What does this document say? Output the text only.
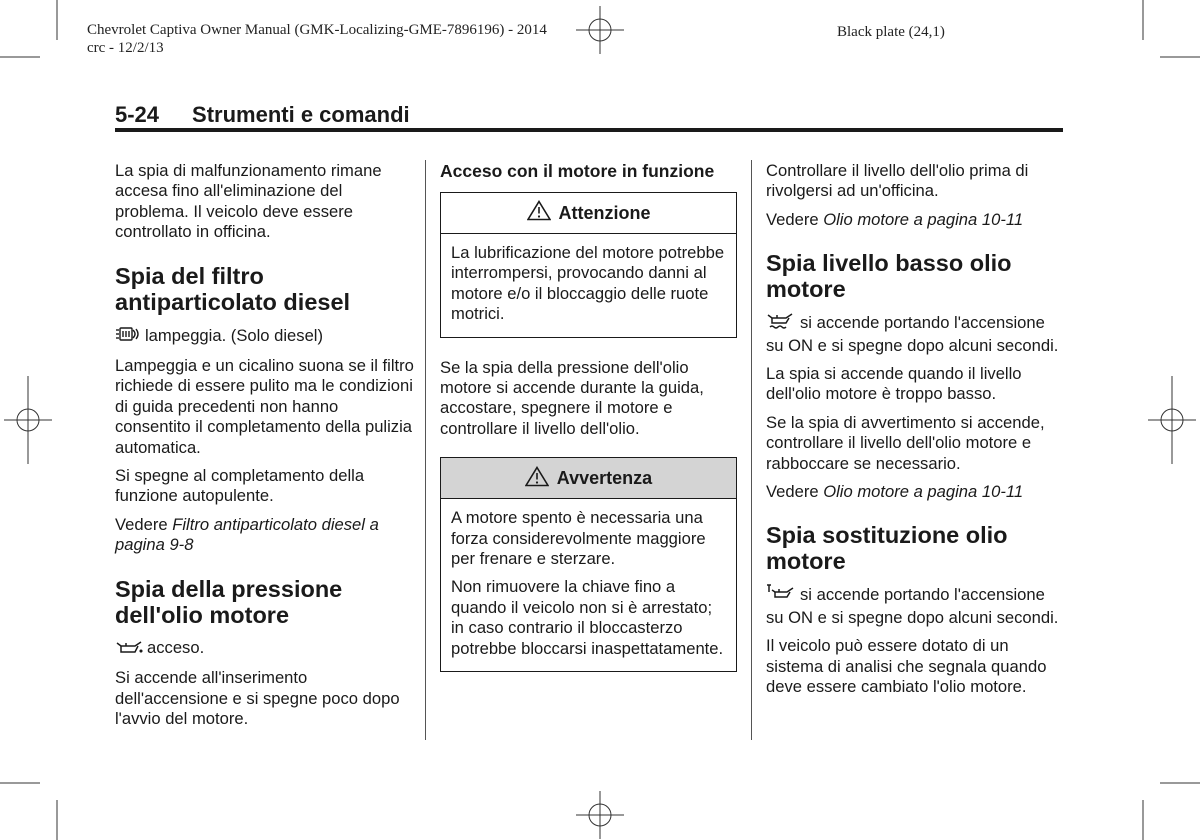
Chevrolet Captiva Owner Manual (GMK-Localizing-GME-7896196) - 2014
crc - 12/2/13
Black plate (24,1)
5-24 Strumenti e comandi

La spia di malfunzionamento rimane accesa fino all'eliminazione del problema. Il veicolo deve essere controllato in officina.

Spia del filtro antiparticolato diesel

lampeggia. (Solo diesel)

Lampeggia e un cicalino suona se il filtro richiede di essere pulito ma le condizioni di guida precedenti non hanno consentito il completamento della pulizia automatica.

Si spegne al completamento della funzione autopulente.

Vedere Filtro antiparticolato diesel a pagina 9-8

Spia della pressione dell'olio motore

acceso.

Si accende all'inserimento dell'accensione e si spegne poco dopo l'avvio del motore.

Acceso con il motore in funzione
Attenzione

La lubrificazione del motore potrebbe interrompersi, provocando danni al motore e/o il bloccaggio delle ruote motrici.

Se la spia della pressione dell'olio motore si accende durante la guida, accostare, spegnere il motore e controllare il livello dell'olio.

Avvertenza

A motore spento è necessaria una forza considerevolmente maggiore per frenare e sterzare.

Non rimuovere la chiave fino a quando il veicolo non si è arrestato; in caso contrario il bloccasterzo potrebbe bloccarsi inaspettatamente.

Controllare il livello dell'olio prima di rivolgersi ad un'officina.

Vedere Olio motore a pagina 10-11

Spia livello basso olio motore

si accende portando l'accensione su ON e si spegne dopo alcuni secondi.

La spia si accende quando il livello dell'olio motore è troppo basso.

Se la spia di avvertimento si accende, controllare il livello dell'olio motore e rabboccare se necessario.

Vedere Olio motore a pagina 10-11

Spia sostituzione olio motore

si accende portando l'accensione su ON e si spegne dopo alcuni secondi.

Il veicolo può essere dotato di un sistema di analisi che segnala quando deve essere cambiato l'olio motore.
